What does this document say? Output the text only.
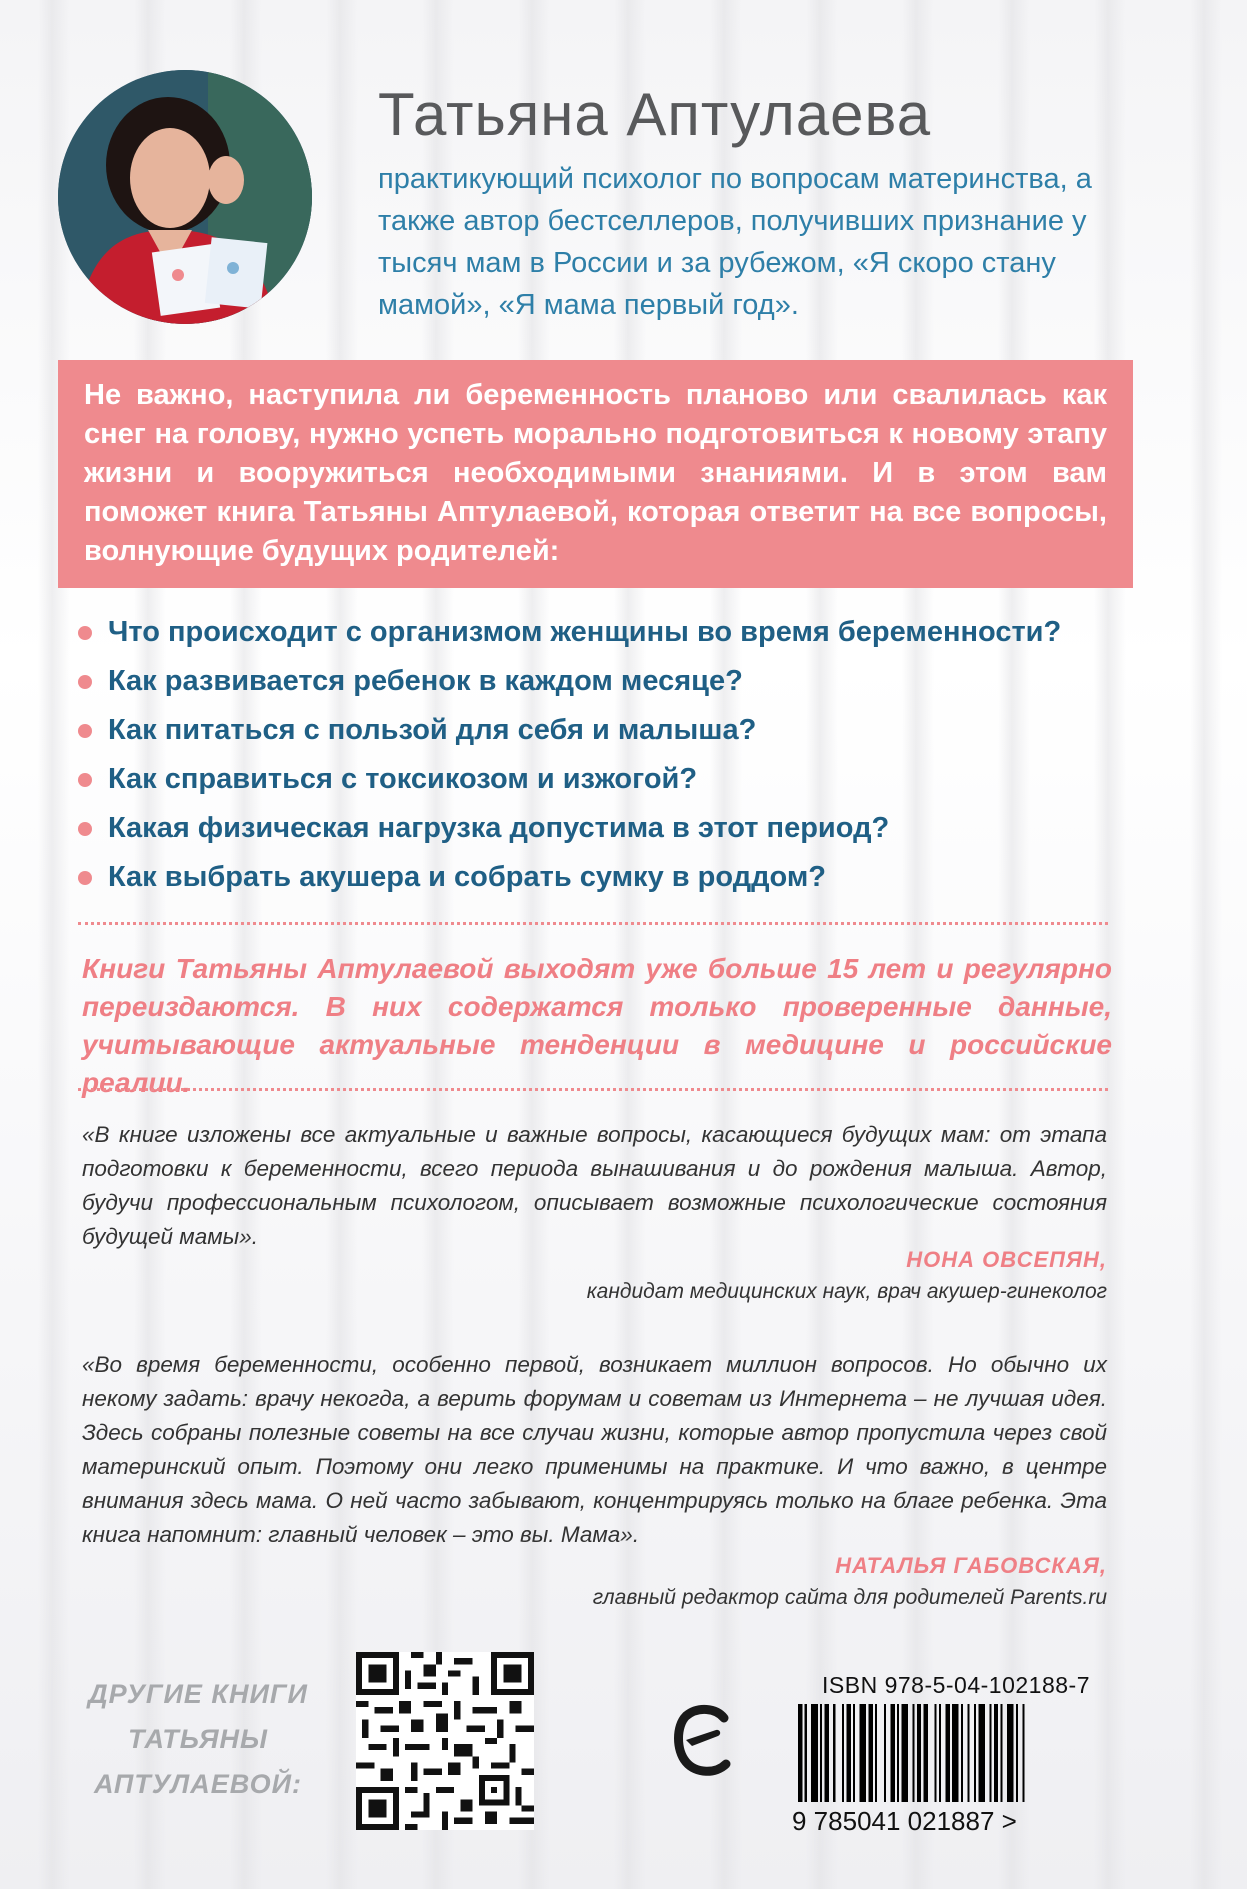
Татьяна Аптулаева
практикующий психолог по вопросам материнства, а также автор бестселлеров, получивших признание у тысяч мам в России и за рубежом, «Я скоро стану мамой», «Я мама первый год».

Не важно, наступила ли беременность планово или свалилась как снег на голову, нужно успеть морально подготовиться к новому этапу жизни и вооружиться необходимыми знаниями. И в этом вам поможет книга Татьяны Аптулаевой, которая ответит на все вопросы, волнующие будущих родителей:

Что происходит с организмом женщины во время беременности?
Как развивается ребенок в каждом месяце?
Как питаться с пользой для себя и малыша?
Как справиться с токсикозом и изжогой?
Какая физическая нагрузка допустима в этот период?
Как выбрать акушера и собрать сумку в роддом?
Книги Татьяны Аптулаевой выходят уже больше 15 лет и регулярно переиздаются. В них содержатся только проверенные данные, учитывающие актуальные тенденции в медицине и российские реалии.
«В книге изложены все актуальные и важные вопросы, касающиеся будущих мам: от этапа подготовки к беременности, всего периода вынашивания и до рождения малыша. Автор, будучи профессиональным психологом, описывает возможные психологические состояния будущей мамы».
НОНА ОВСЕПЯН,
кандидат медицинских наук, врач акушер-гинеколог
«Во время беременности, особенно первой, возникает миллион вопросов. Но обычно их некому задать: врачу некогда, а верить форумам и советам из Интернета – не лучшая идея. Здесь собраны полезные советы на все случаи жизни, которые автор пропустила через свой материнский опыт. Поэтому они легко применимы на практике. И что важно, в центре внимания здесь мама. О ней часто забывают, концентрируясь только на благе ребенка. Эта книга напомнит: главный человек – это вы. Мама».
НАТАЛЬЯ ГАБОВСКАЯ,
главный редактор сайта для родителей Parents.ru
ДРУГИЕ КНИГИ
ТАТЬЯНЫ
АПТУЛАЕВОЙ:
ISBN 978-5-04-102188-7
9 785041 021887 >
